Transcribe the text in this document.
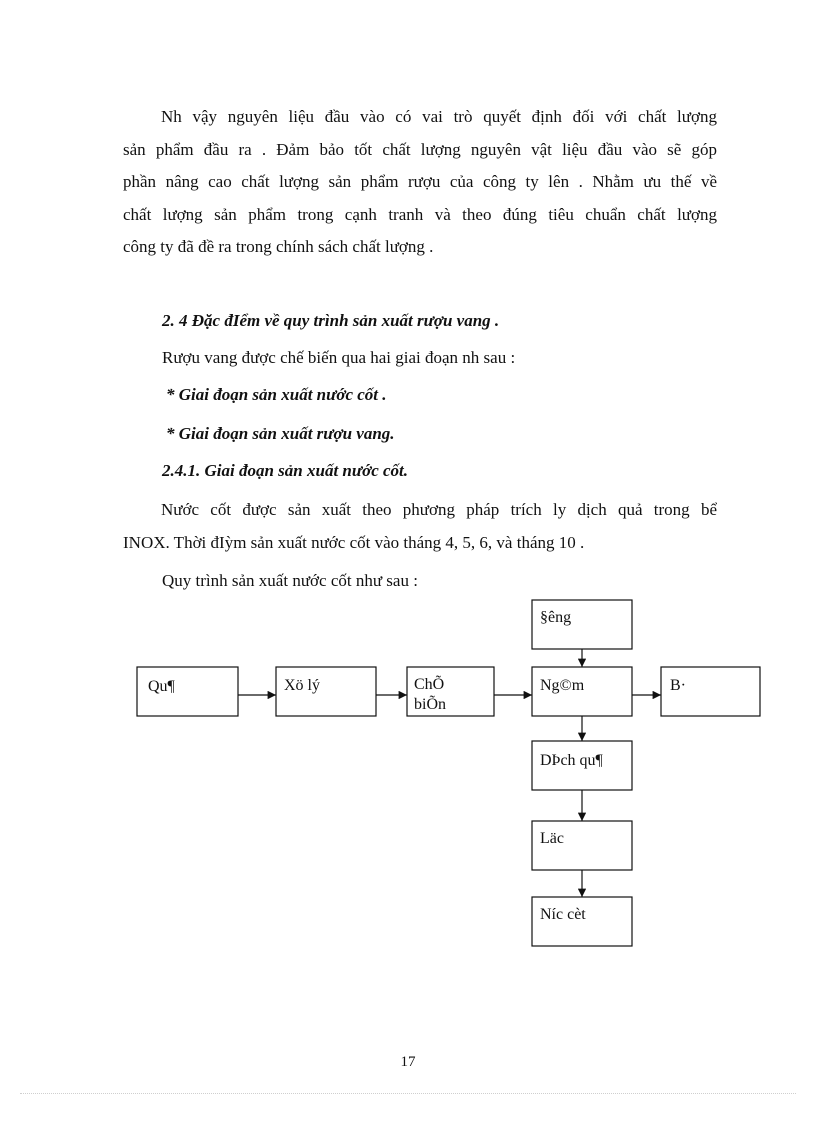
Nh vậy nguyên liệu đầu vào có vai trò quyết định đối với chất lượng
sản phẩm đầu ra . Đảm bảo tốt chất lượng nguyên vật liệu đầu vào sẽ góp
phần nâng cao chất lượng sản phẩm rượu của công ty lên . Nhằm ưu thế về
chất lượng sản phẩm trong cạnh tranh và theo đúng tiêu chuẩn chất lượng
công ty đã đề ra trong chính sách chất lượng .
2. 4 Đặc đIểm về quy trình sản xuất rượu vang .
Rượu vang được chế biến qua hai giai đoạn nh sau :
* Giai đoạn sản xuất nước cốt .
* Giai đoạn sản xuất rượu vang.
2.4.1. Giai đoạn sản xuất nước cốt.
Nước cốt được sản xuất theo phương pháp trích ly dịch quả trong bể
INOX. Thời đIỳm sản xuất nước cốt vào tháng 4, 5, 6, và tháng 10 .
Quy trình sản xuất nước cốt như sau :
§êng
Qu¶	Xö lý	ChÕ
biÕn
Ng©m	B·
DÞch qu¶
Läc
Níc cèt
17
